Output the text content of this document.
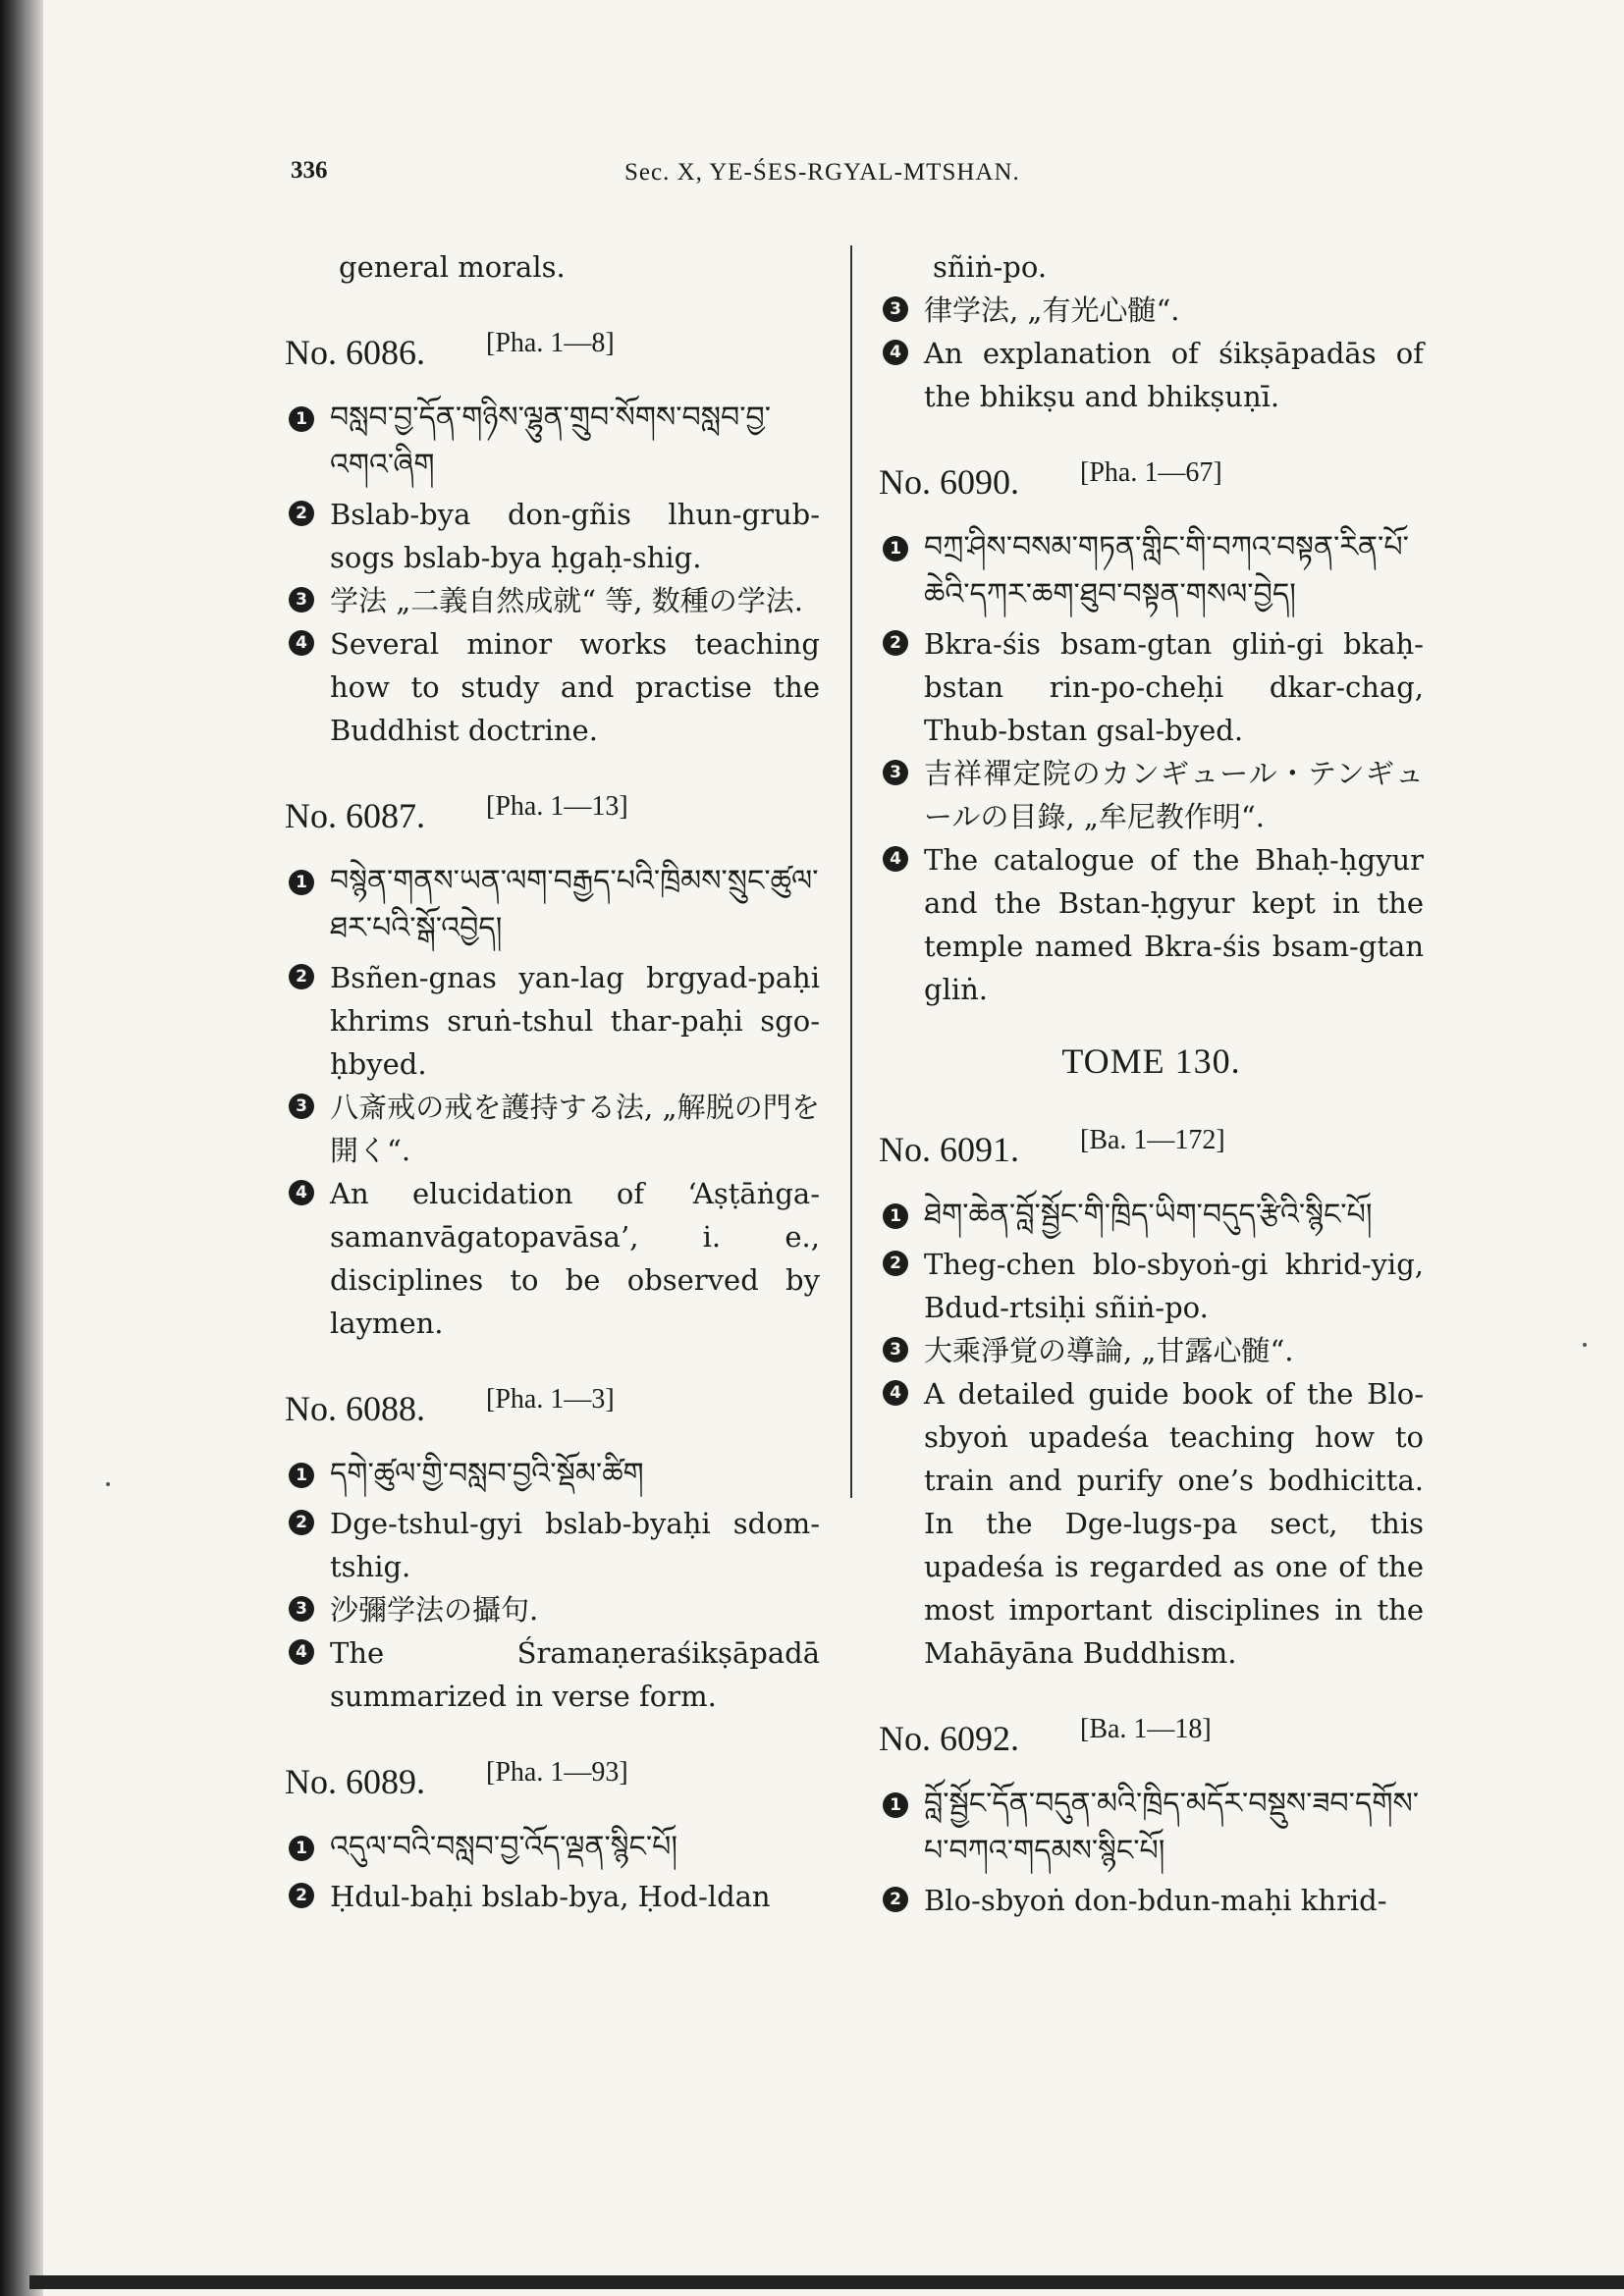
336	Sec. X, YE-ŚES-RGYAL-MTSHAN.
general morals.
No. 6086. [Pha. 1—8]
1 བསླབ་བྱ་དོན་གཉིས་ལྷུན་གྲུབ་སོགས་བསླབ་བྱ་འགའ་ཞིག
2 Bslab-bya don-gñis lhun-grub-sogs bslab-bya ḥgaḥ-shig.
3 学法 „二義自然成就“ 等, 数種の学法.
4 Several minor works teaching how to study and practise the Buddhist doctrine.
No. 6087. [Pha. 1—13]
1 བསྙེན་གནས་ཡན་ལག་བརྒྱད་པའི་ཁྲིམས་སྲུང་ཚུལ་ཐར་པའི་སྒོ་འབྱེད།
2 Bsñen-gnas yan-lag brgyad-paḥi khrims sruṅ-tshul thar-paḥi sgo-ḥbyed.
3 八斎戒の戒を護持する法, „解脱の門を開く“.
4 An elucidation of ‘Aṣṭāṅga-samanvāgatopavāsa’, i. e., disciplines to be observed by laymen.
No. 6088. [Pha. 1—3]
1 དགེ་ཚུལ་གྱི་བསླབ་བྱའི་སྡོམ་ཚིག
2 Dge-tshul-gyi bslab-byaḥi sdom-tshig.
3 沙彌学法の攝句.
4 The Śramaṇeraśikṣāpadā summarized in verse form.
No. 6089. [Pha. 1—93]
1 འདུལ་བའི་བསླབ་བྱ་འོད་ལྡན་སྙིང་པོ།
2 Ḥdul-baḥi bslab-bya, Ḥod-ldan
sñiṅ-po.
3 律学法, „有光心髄“.
4 An explanation of śikṣāpadās of the bhikṣu and bhikṣuṇī.
No. 6090. [Pha. 1—67]
1 བཀྲ་ཤིས་བསམ་གཏན་གླིང་གི་བཀའ་བསྟན་རིན་པོ་ཆེའི་དཀར་ཆག་ཐུབ་བསྟན་གསལ་བྱེད།
2 Bkra-śis bsam-gtan gliṅ-gi bkaḥ-bstan rin-po-cheḥi dkar-chag, Thub-bstan gsal-byed.
3 吉祥禪定院のカンギュール・テンギュールの目錄, „牟尼教作明“.
4 The catalogue of the Bhaḥ-ḥgyur and the Bstan-ḥgyur kept in the temple named Bkra-śis bsam-gtan gliṅ.
TOME 130.
No. 6091. [Ba. 1—172]
1 ཐེག་ཆེན་བློ་སྦྱོང་གི་ཁྲིད་ཡིག་བདུད་རྩིའི་སྙིང་པོ།
2 Theg-chen blo-sbyoṅ-gi khrid-yig, Bdud-rtsiḥi sñiṅ-po.
3 大乘淨覚の導論, „甘露心髄“.
4 A detailed guide book of the Blo-sbyoṅ upadeśa teaching how to train and purify one’s bodhicitta. In the Dge-lugs-pa sect, this upadeśa is regarded as one of the most important disciplines in the Mahāyāna Buddhism.
No. 6092. [Ba. 1—18]
1 བློ་སྦྱོང་དོན་བདུན་མའི་ཁྲིད་མདོར་བསྡུས་ཟབ་དགོས་པ་བཀའ་གདམས་སྙིང་པོ།
2 Blo-sbyoṅ don-bdun-maḥi khrid-
